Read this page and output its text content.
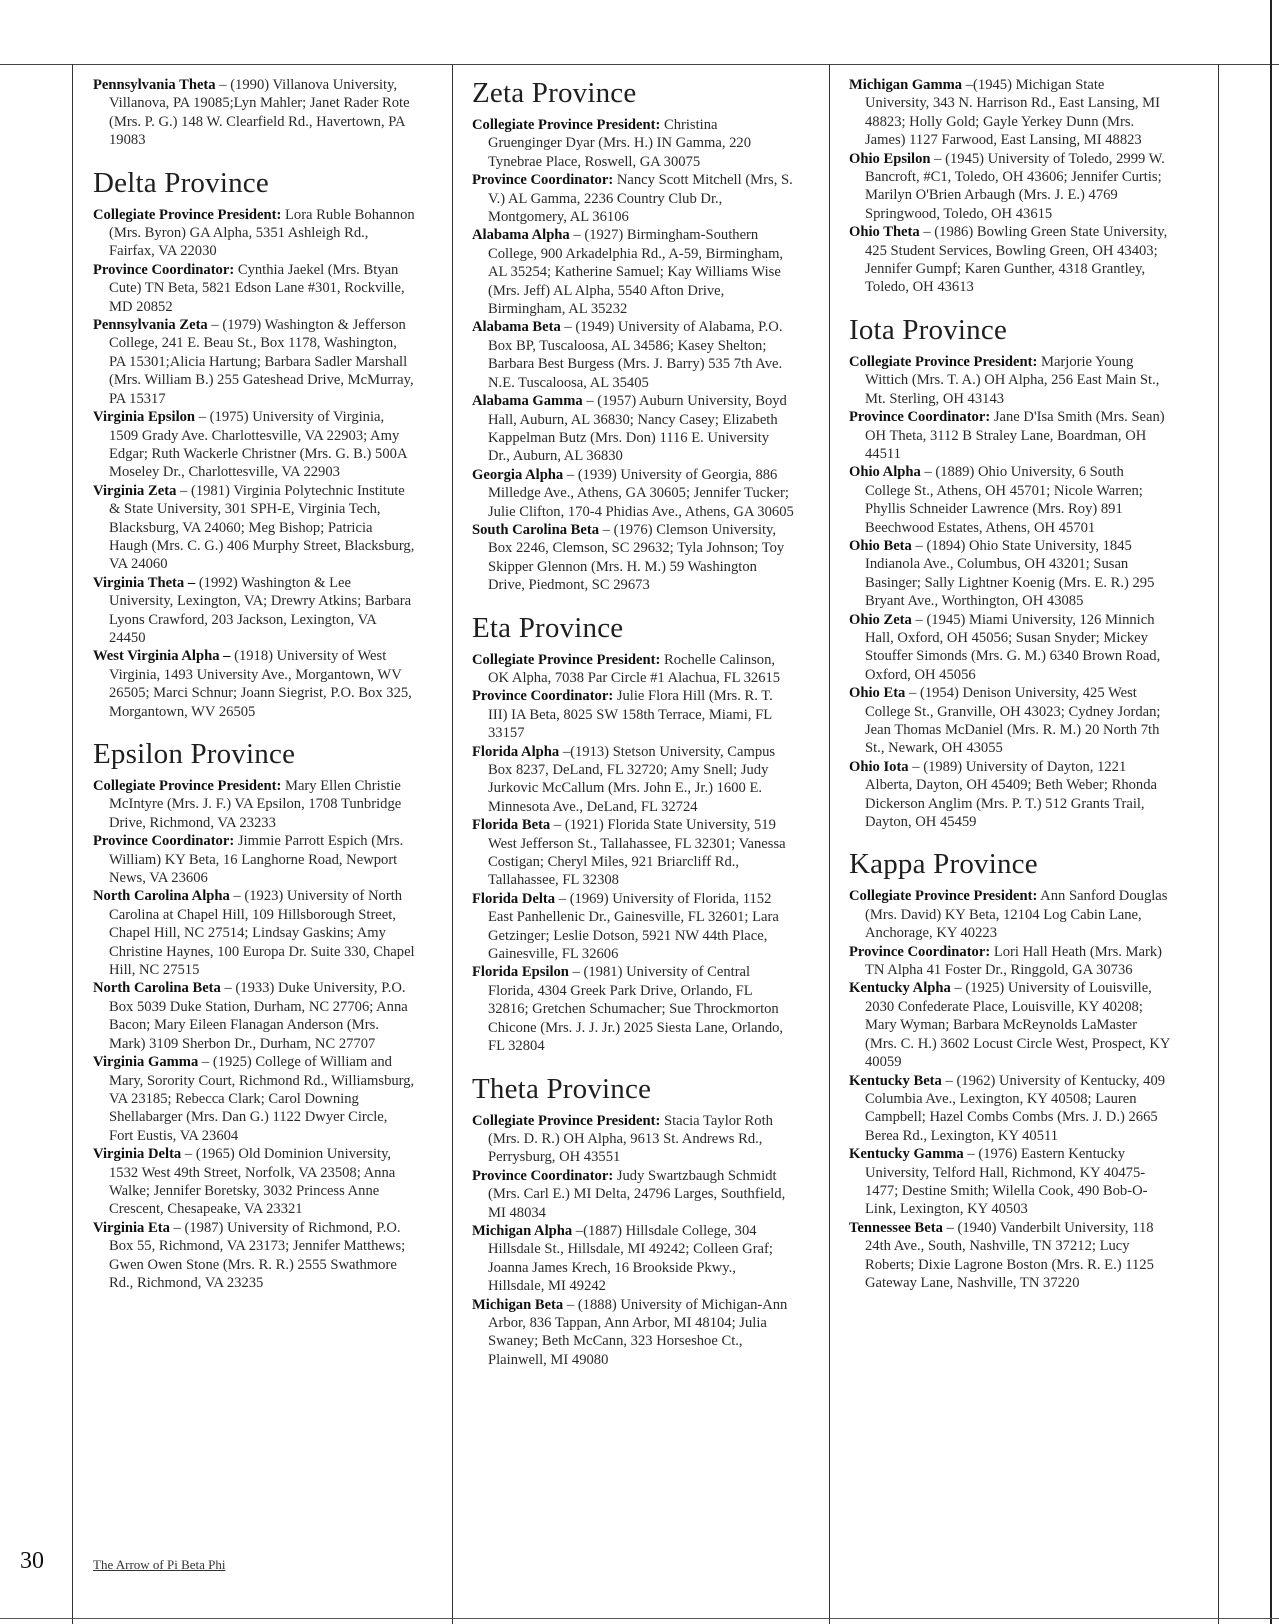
Pennsylvania Theta – (1990) Villanova University, Villanova, PA 19085;Lyn Mahler; Janet Rader Rote (Mrs. P. G.) 148 W. Clearfield Rd., Havertown, PA 19083

Delta Province

Collegiate Province President: Lora Ruble Bohannon (Mrs. Byron) GA Alpha, 5351 Ashleigh Rd., Fairfax, VA 22030

Province Coordinator: Cynthia Jaekel (Mrs. Btyan Cute) TN Beta, 5821 Edson Lane #301, Rockville, MD 20852

Pennsylvania Zeta – (1979) Washington & Jefferson College, 241 E. Beau St., Box 1178, Washington, PA 15301;Alicia Hartung; Barbara Sadler Marshall (Mrs. William B.) 255 Gateshead Drive, McMurray, PA 15317

Virginia Epsilon – (1975) University of Virginia, 1509 Grady Ave. Charlottesville, VA 22903; Amy Edgar; Ruth Wackerle Christner (Mrs. G. B.) 500A Moseley Dr., Charlottesville, VA 22903

Virginia Zeta – (1981) Virginia Polytechnic Institute & State University, 301 SPH-E, Virginia Tech, Blacksburg, VA 24060; Meg Bishop; Patricia Haugh (Mrs. C. G.) 406 Murphy Street, Blacksburg, VA 24060

Virginia Theta – (1992) Washington & Lee University, Lexington, VA; Drewry Atkins; Barbara Lyons Crawford, 203 Jackson, Lexington, VA 24450

West Virginia Alpha – (1918) University of West Virginia, 1493 University Ave., Morgantown, WV 26505; Marci Schnur; Joann Siegrist, P.O. Box 325, Morgantown, WV 26505

Epsilon Province

Collegiate Province President: Mary Ellen Christie McIntyre (Mrs. J. F.) VA Epsilon, 1708 Tunbridge Drive, Richmond, VA 23233

Province Coordinator: Jimmie Parrott Espich (Mrs. William) KY Beta, 16 Langhorne Road, Newport News, VA 23606

North Carolina Alpha – (1923) University of North Carolina at Chapel Hill, 109 Hillsborough Street, Chapel Hill, NC 27514; Lindsay Gaskins; Amy Christine Haynes, 100 Europa Dr. Suite 330, Chapel Hill, NC 27515

North Carolina Beta – (1933) Duke University, P.O. Box 5039 Duke Station, Durham, NC 27706; Anna Bacon; Mary Eileen Flanagan Anderson (Mrs. Mark) 3109 Sherbon Dr., Durham, NC 27707

Virginia Gamma – (1925) College of William and Mary, Sorority Court, Richmond Rd., Williamsburg, VA 23185; Rebecca Clark; Carol Downing Shellabarger (Mrs. Dan G.) 1122 Dwyer Circle, Fort Eustis, VA 23604

Virginia Delta – (1965) Old Dominion University, 1532 West 49th Street, Norfolk, VA 23508; Anna Walke; Jennifer Boretsky, 3032 Princess Anne Crescent, Chesapeake, VA 23321

Virginia Eta – (1987) University of Richmond, P.O. Box 55, Richmond, VA 23173; Jennifer Matthews; Gwen Owen Stone (Mrs. R. R.) 2555 Swathmore Rd., Richmond, VA 23235

Zeta Province

Collegiate Province President: Christina Gruenginger Dyar (Mrs. H.) IN Gamma, 220 Tynebrae Place, Roswell, GA 30075

Province Coordinator: Nancy Scott Mitchell (Mrs, S. V.) AL Gamma, 2236 Country Club Dr., Montgomery, AL 36106

Alabama Alpha – (1927) Birmingham-Southern College, 900 Arkadelphia Rd., A-59, Birmingham, AL 35254; Katherine Samuel; Kay Williams Wise (Mrs. Jeff) AL Alpha, 5540 Afton Drive, Birmingham, AL 35232

Alabama Beta – (1949) University of Alabama, P.O. Box BP, Tuscaloosa, AL 34586; Kasey Shelton; Barbara Best Burgess (Mrs. J. Barry) 535 7th Ave. N.E. Tuscaloosa, AL 35405

Alabama Gamma – (1957) Auburn University, Boyd Hall, Auburn, AL 36830; Nancy Casey; Elizabeth Kappelman Butz (Mrs. Don) 1116 E. University Dr., Auburn, AL 36830

Georgia Alpha – (1939) University of Georgia, 886 Milledge Ave., Athens, GA 30605; Jennifer Tucker; Julie Clifton, 170-4 Phidias Ave., Athens, GA 30605

South Carolina Beta – (1976) Clemson University, Box 2246, Clemson, SC 29632; Tyla Johnson; Toy Skipper Glennon (Mrs. H. M.) 59 Washington Drive, Piedmont, SC 29673

Eta Province

Collegiate Province President: Rochelle Calinson, OK Alpha, 7038 Par Circle #1 Alachua, FL 32615

Province Coordinator: Julie Flora Hill (Mrs. R. T. III) IA Beta, 8025 SW 158th Terrace, Miami, FL 33157

Florida Alpha –(1913) Stetson University, Campus Box 8237, DeLand, FL 32720; Amy Snell; Judy Jurkovic McCallum (Mrs. John E., Jr.) 1600 E. Minnesota Ave., DeLand, FL 32724

Florida Beta – (1921) Florida State University, 519 West Jefferson St., Tallahassee, FL 32301; Vanessa Costigan; Cheryl Miles, 921 Briarcliff Rd., Tallahassee, FL 32308

Florida Delta – (1969) University of Florida, 1152 East Panhellenic Dr., Gainesville, FL 32601; Lara Getzinger; Leslie Dotson, 5921 NW 44th Place, Gainesville, FL 32606

Florida Epsilon – (1981) University of Central Florida, 4304 Greek Park Drive, Orlando, FL 32816; Gretchen Schumacher; Sue Throckmorton Chicone (Mrs. J. J. Jr.) 2025 Siesta Lane, Orlando, FL 32804

Theta Province

Collegiate Province President: Stacia Taylor Roth (Mrs. D. R.) OH Alpha, 9613 St. Andrews Rd., Perrysburg, OH 43551

Province Coordinator: Judy Swartzbaugh Schmidt (Mrs. Carl E.) MI Delta, 24796 Larges, Southfield, MI 48034

Michigan Alpha –(1887) Hillsdale College, 304 Hillsdale St., Hillsdale, MI 49242; Colleen Graf; Joanna James Krech, 16 Brookside Pkwy., Hillsdale, MI 49242

Michigan Beta – (1888) University of Michigan-Ann Arbor, 836 Tappan, Ann Arbor, MI 48104; Julia Swaney; Beth McCann, 323 Horseshoe Ct., Plainwell, MI 49080

Michigan Gamma –(1945) Michigan State University, 343 N. Harrison Rd., East Lansing, MI 48823; Holly Gold; Gayle Yerkey Dunn (Mrs. James) 1127 Farwood, East Lansing, MI 48823

Ohio Epsilon – (1945) University of Toledo, 2999 W. Bancroft, #C1, Toledo, OH 43606; Jennifer Curtis; Marilyn O'Brien Arbaugh (Mrs. J. E.) 4769 Springwood, Toledo, OH 43615

Ohio Theta – (1986) Bowling Green State University, 425 Student Services, Bowling Green, OH 43403; Jennifer Gumpf; Karen Gunther, 4318 Grantley, Toledo, OH 43613

Iota Province

Collegiate Province President: Marjorie Young Wittich (Mrs. T. A.) OH Alpha, 256 East Main St., Mt. Sterling, OH 43143

Province Coordinator: Jane D'Isa Smith (Mrs. Sean) OH Theta, 3112 B Straley Lane, Boardman, OH 44511

Ohio Alpha – (1889) Ohio University, 6 South College St., Athens, OH 45701; Nicole Warren; Phyllis Schneider Lawrence (Mrs. Roy) 891 Beechwood Estates, Athens, OH 45701

Ohio Beta – (1894) Ohio State University, 1845 Indianola Ave., Columbus, OH 43201; Susan Basinger; Sally Lightner Koenig (Mrs. E. R.) 295 Bryant Ave., Worthington, OH 43085

Ohio Zeta – (1945) Miami University, 126 Minnich Hall, Oxford, OH 45056; Susan Snyder; Mickey Stouffer Simonds (Mrs. G. M.) 6340 Brown Road, Oxford, OH 45056

Ohio Eta – (1954) Denison University, 425 West College St., Granville, OH 43023; Cydney Jordan; Jean Thomas McDaniel (Mrs. R. M.) 20 North 7th St., Newark, OH 43055

Ohio Iota – (1989) University of Dayton, 1221 Alberta, Dayton, OH 45409; Beth Weber; Rhonda Dickerson Anglim (Mrs. P. T.) 512 Grants Trail, Dayton, OH 45459

Kappa Province

Collegiate Province President: Ann Sanford Douglas (Mrs. David) KY Beta, 12104 Log Cabin Lane, Anchorage, KY 40223

Province Coordinator: Lori Hall Heath (Mrs. Mark) TN Alpha 41 Foster Dr., Ringgold, GA 30736

Kentucky Alpha – (1925) University of Louisville, 2030 Confederate Place, Louisville, KY 40208; Mary Wyman; Barbara McReynolds LaMaster (Mrs. C. H.) 3602 Locust Circle West, Prospect, KY 40059

Kentucky Beta – (1962) University of Kentucky, 409 Columbia Ave., Lexington, KY 40508; Lauren Campbell; Hazel Combs Combs (Mrs. J. D.) 2665 Berea Rd., Lexington, KY 40511

Kentucky Gamma – (1976) Eastern Kentucky University, Telford Hall, Richmond, KY 40475-1477; Destine Smith; Wilella Cook, 490 Bob-O-Link, Lexington, KY 40503

Tennessee Beta – (1940) Vanderbilt University, 118 24th Ave., South, Nashville, TN 37212; Lucy Roberts; Dixie Lagrone Boston (Mrs. R. E.) 1125 Gateway Lane, Nashville, TN 37220

30	The Arrow of Pi Beta Phi
